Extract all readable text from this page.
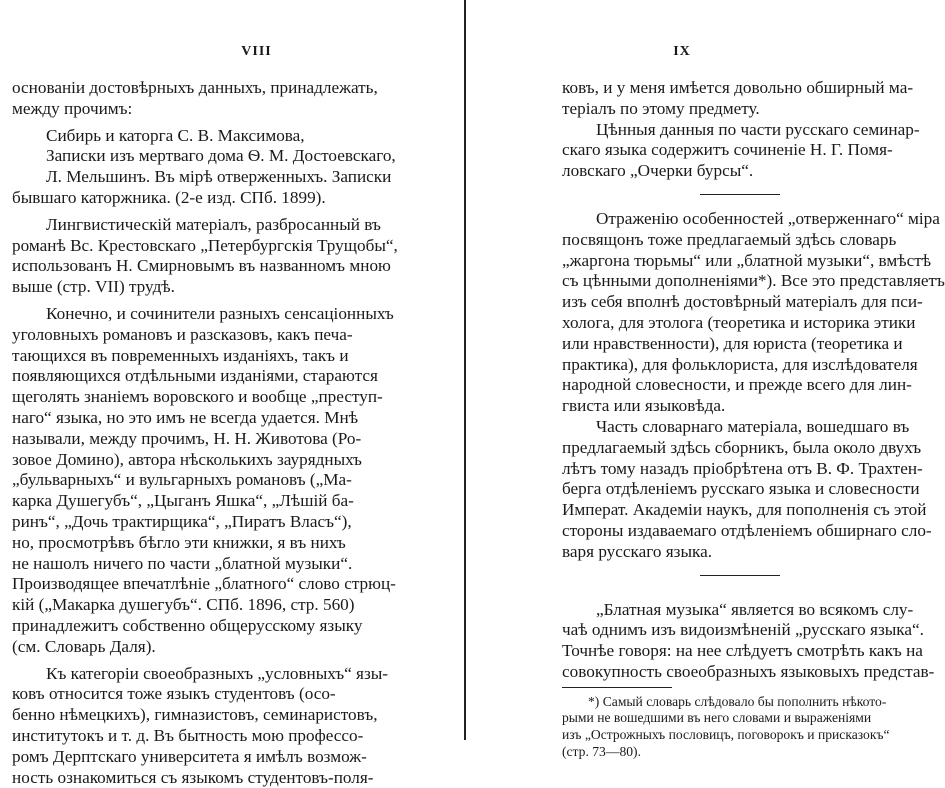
VIII
основаніи достовѣрныхъ данныхъ, принадлежать,
между прочимъ:
Сибирь и каторга С. В. Максимова,
Записки изъ мертваго дома Ѳ. М. Достоевскаго,
Л. Мельшинъ. Въ мірѣ отверженныхъ. Записки
бывшаго каторжника. (2-е изд. СПб. 1899).
Лингвистическій матеріалъ, разбросанный въ
романѣ Вс. Крестовскаго „Петербургскія Трущобы“,
использованъ Н. Смирновымъ въ названномъ мною
выше (стр. VII) трудѣ.
Конечно, и сочинители разныхъ сенсаціонныхъ
уголовныхъ романовъ и разсказовъ, какъ печа-
тающихся въ повременныхъ изданіяхъ, такъ и
появляющихся отдѣльными изданіями, стараются
щеголять знаніемъ воровского и вообще „преступ-
наго“ языка, но это имъ не всегда удается. Мнѣ
называли, между прочимъ, Н. Н. Животова (Ро-
зовое Домино), автора нѣсколькихъ заурядныхъ
„бульварныхъ“ и вульгарныхъ романовъ („Ма-
карка Душегубъ“, „Цыганъ Яшка“, „Лѣшій ба-
ринъ“, „Дочь трактирщика“, „Пиратъ Власъ“),
но, просмотрѣвъ бѣгло эти книжки, я въ нихъ
не нашолъ ничего по части „блатной музыки“.
Производящее впечатлѣніе „блатного“ слово стрюц-
кій („Макарка душегубъ“. СПб. 1896, стр. 560)
принадлежитъ собственно общерусскому языку
(см. Словарь Даля).
Къ категоріи своеобразныхъ „условныхъ“ язы-
ковъ относится тоже языкъ студентовъ (осо-
бенно нѣмецкихъ), гимназистовъ, семинаристовъ,
институтокъ и т. д. Въ бытность мою профессо-
ромъ Дерптскаго университета я имѣлъ возмож-
ность ознакомиться съ языкомъ студентовъ-поля-
IX
ковъ, и у меня имѣется довольно обширный ма-
теріалъ по этому предмету.
Цѣнныя данныя по части русскаго семинар-
скаго языка содержитъ сочиненіе Н. Г. Помя-
ловскаго „Очерки бурсы“.
Отраженію особенностей „отверженнаго“ міра
посвящонъ тоже предлагаемый здѣсь словарь
„жаргона тюрьмы“ или „блатной музыки“, вмѣстѣ
съ цѣнными дополненіями*). Все это представляетъ
изъ себя вполнѣ достовѣрный матеріалъ для пси-
холога, для этолога (теоретика и историка этики
или нравственности), для юриста (теоретика и
практика), для фольклориста, для изслѣдователя
народной словесности, и прежде всего для лин-
гвиста или языковѣда.
Часть словарнаго матеріала, вошедшаго въ
предлагаемый здѣсь сборникъ, была около двухъ
лѣтъ тому назадъ пріобрѣтена отъ В. Ф. Трахтен-
берга отдѣленіемъ русскаго языка и словесности
Императ. Академіи наукъ, для пополненія съ этой
стороны издаваемаго отдѣленіемъ обширнаго сло-
варя русскаго языка.
„Блатная музыка“ является во всякомъ слу-
чаѣ однимъ изъ видоизмѣненій „русскаго языка“.
Точнѣе говоря: на нее слѣдуетъ смотрѣть какъ на
совокупность своеобразныхъ языковыхъ представ-
*) Самый словарь слѣдовало бы пополнить нѣкото-
рыми не вошедшими въ него словами и выраженіями
изъ „Острожныхъ пословицъ, поговорокъ и присказокъ“
(стр. 73—80).
